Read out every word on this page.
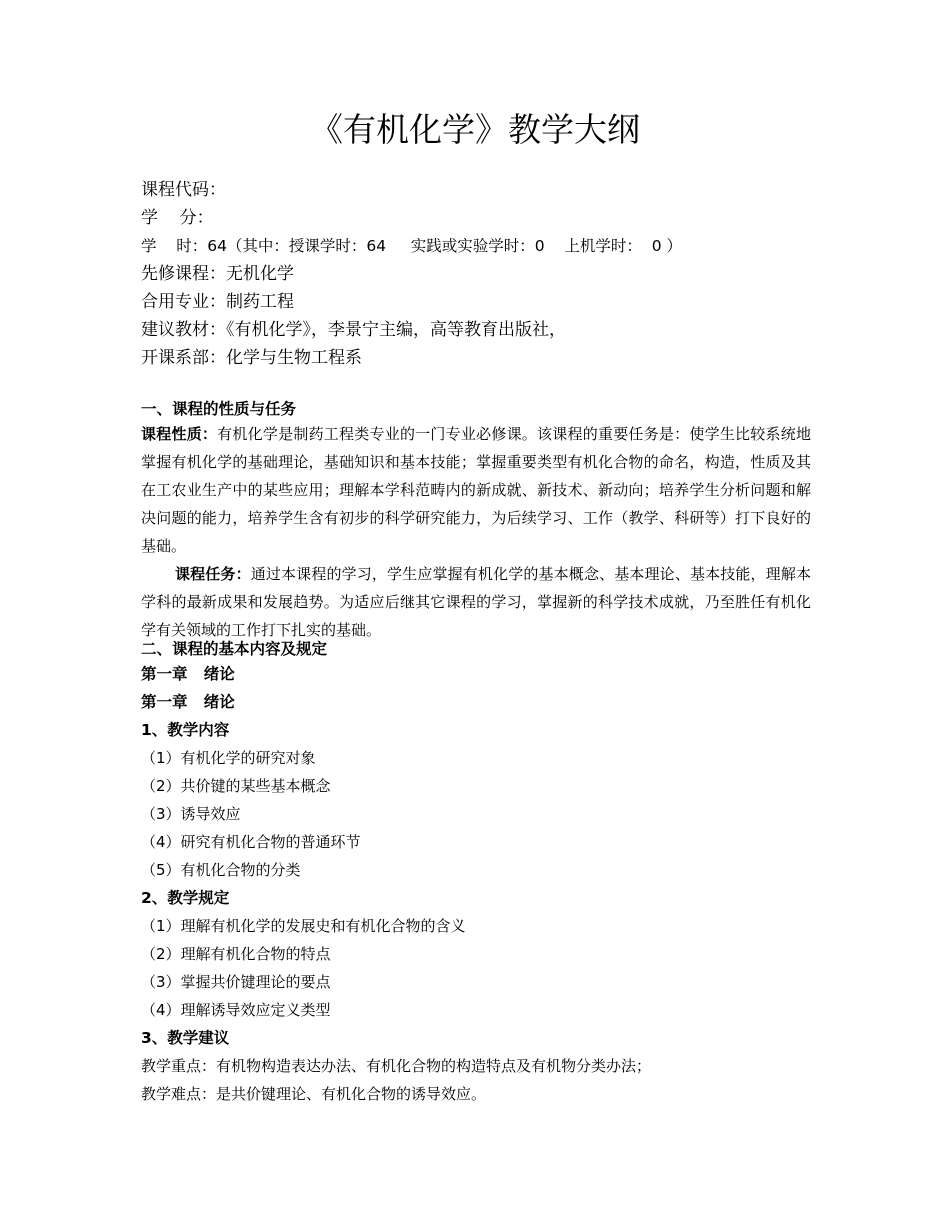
《有机化学》教学大纲
课程代码：
学    分：
学    时：64（其中：授课学时：64     实践或实验学时：0    上机学时：  0 ）
先修课程：无机化学
合用专业：制药工程
建议教材：《有机化学》，李景宁主编，高等教育出版社，
开课系部：化学与生物工程系
一、课程的性质与任务
课程性质：有机化学是制药工程类专业的一门专业必修课。该课程的重要任务是：使学生比较系统地掌握有机化学的基础理论，基础知识和基本技能；掌握重要类型有机化合物的命名，构造，性质及其在工农业生产中的某些应用；理解本学科范畴内的新成就、新技术、新动向；培养学生分析问题和解决问题的能力，培养学生含有初步的科学研究能力，为后续学习、工作（教学、科研等）打下良好的基础。
课程任务：通过本课程的学习，学生应掌握有机化学的基本概念、基本理论、基本技能，理解本学科的最新成果和发展趋势。为适应后继其它课程的学习，掌握新的科学技术成就，乃至胜任有机化学有关领域的工作打下扎实的基础。
二、课程的基本内容及规定
第一章   绪论
第一章   绪论
1、教学内容
（1）有机化学的研究对象
（2）共价键的某些基本概念
（3）诱导效应
（4）研究有机化合物的普通环节
（5）有机化合物的分类
2、教学规定
（1）理解有机化学的发展史和有机化合物的含义
（2）理解有机化合物的特点
（3）掌握共价键理论的要点
（4）理解诱导效应定义类型
3、教学建议
教学重点：有机物构造表达办法、有机化合物的构造特点及有机物分类办法；
教学难点：是共价键理论、有机化合物的诱导效应。
